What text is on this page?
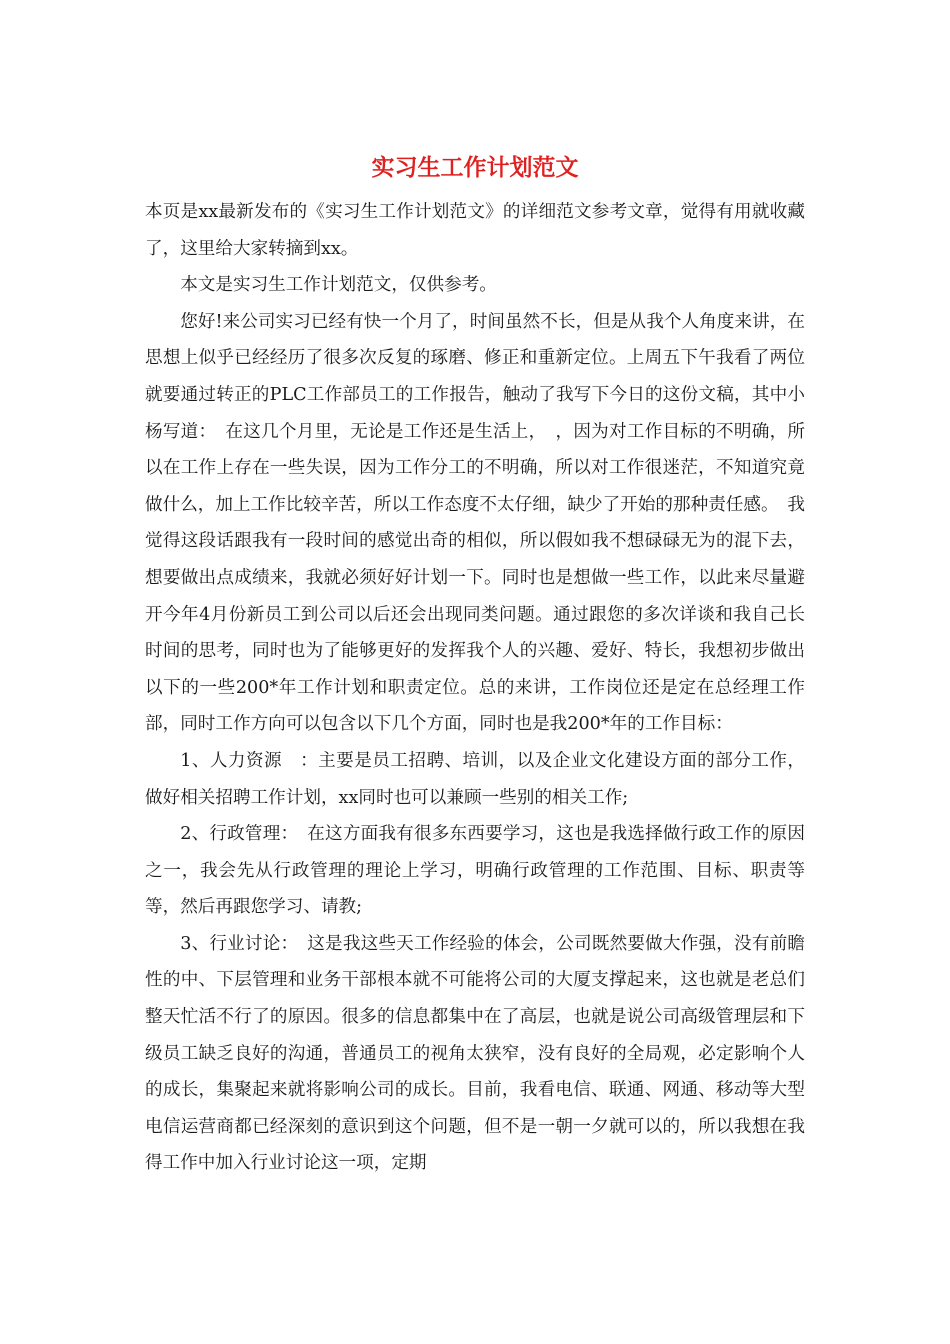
实习生工作计划范文

本页是xx最新发布的《实习生工作计划范文》的详细范文参考文章，觉得有用就收藏了，这里给大家转摘到xx。

本文是实习生工作计划范文，仅供参考。

您好!来公司实习已经有快一个月了，时间虽然不长，但是从我个人角度来讲，在思想上似乎已经经历了很多次反复的琢磨、修正和重新定位。上周五下午我看了两位就要通过转正的PLC工作部员工的工作报告，触动了我写下今日的这份文稿，其中小杨写道：　在这几个月里，无论是工作还是生活上，　，因为对工作目标的不明确，所以在工作上存在一些失误，因为工作分工的不明确，所以对工作很迷茫，不知道究竟做什么，加上工作比较辛苦，所以工作态度不太仔细，缺少了开始的那种责任感。　我觉得这段话跟我有一段时间的感觉出奇的相似，所以假如我不想碌碌无为的混下去，想要做出点成绩来，我就必须好好计划一下。同时也是想做一些工作，以此来尽量避开今年4月份新员工到公司以后还会出现同类问题。通过跟您的多次详谈和我自己长时间的思考，同时也为了能够更好的发挥我个人的兴趣、爱好、特长，我想初步做出以下的一些200*年工作计划和职责定位。总的来讲，工作岗位还是定在总经理工作部，同时工作方向可以包含以下几个方面，同时也是我200*年的工作目标：

1、人力资源　：主要是员工招聘、培训，以及企业文化建设方面的部分工作，做好相关招聘工作计划，xx同时也可以兼顾一些别的相关工作;

2、行政管理：　在这方面我有很多东西要学习，这也是我选择做行政工作的原因之一，我会先从行政管理的理论上学习，明确行政管理的工作范围、目标、职责等等，然后再跟您学习、请教;

3、行业讨论：　这是我这些天工作经验的体会，公司既然要做大作强，没有前瞻性的中、下层管理和业务干部根本就不可能将公司的大厦支撑起来，这也就是老总们整天忙活不行了的原因。很多的信息都集中在了高层，也就是说公司高级管理层和下级员工缺乏良好的沟通，普通员工的视角太狭窄，没有良好的全局观，必定影响个人的成长，集聚起来就将影响公司的成长。目前，我看电信、联通、网通、移动等大型电信运营商都已经深刻的意识到这个问题，但不是一朝一夕就可以的，所以我想在我得工作中加入行业讨论这一项，定期
